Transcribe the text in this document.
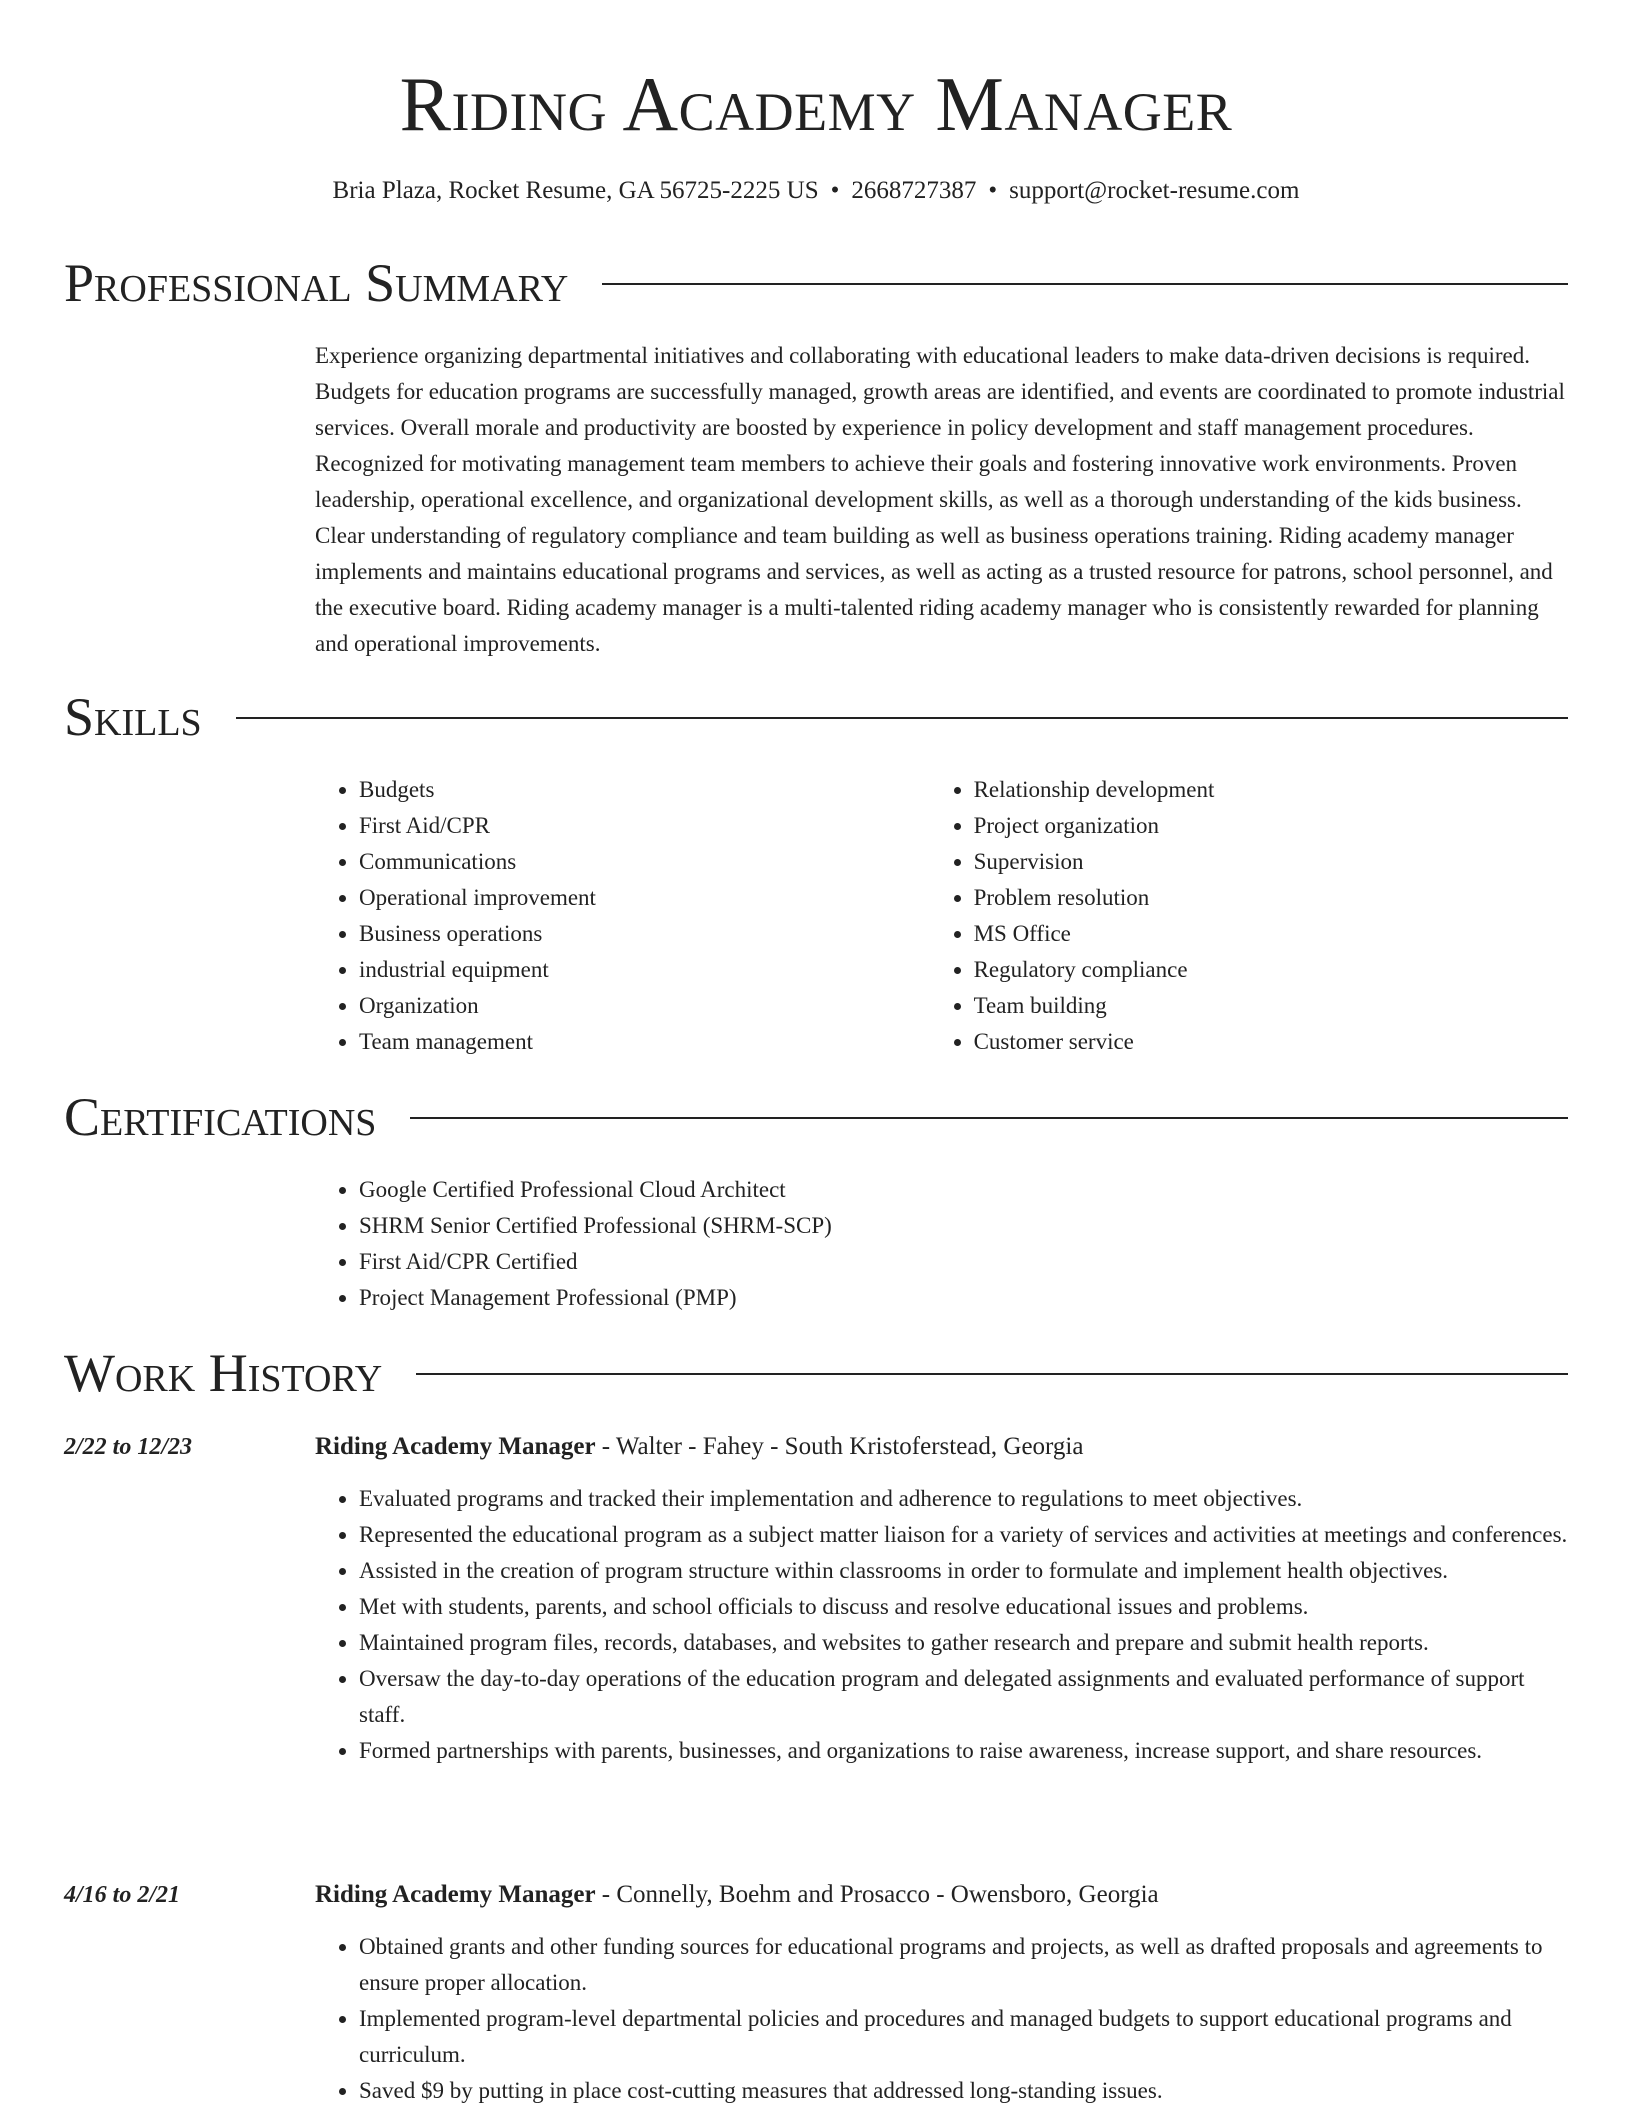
Riding Academy Manager
Bria Plaza, Rocket Resume, GA 56725-2225 US • 2668727387 • support@rocket-resume.com
Professional Summary
Experience organizing departmental initiatives and collaborating with educational leaders to make data-driven decisions is required. Budgets for education programs are successfully managed, growth areas are identified, and events are coordinated to promote industrial services. Overall morale and productivity are boosted by experience in policy development and staff management procedures. Recognized for motivating management team members to achieve their goals and fostering innovative work environments. Proven leadership, operational excellence, and organizational development skills, as well as a thorough understanding of the kids business. Clear understanding of regulatory compliance and team building as well as business operations training. Riding academy manager implements and maintains educational programs and services, as well as acting as a trusted resource for patrons, school personnel, and the executive board. Riding academy manager is a multi-talented riding academy manager who is consistently rewarded for planning and operational improvements.
Skills
• Budgets
• First Aid/CPR
• Communications
• Operational improvement
• Business operations
• industrial equipment
• Organization
• Team management
• Relationship development
• Project organization
• Supervision
• Problem resolution
• MS Office
• Regulatory compliance
• Team building
• Customer service
Certifications
• Google Certified Professional Cloud Architect
• SHRM Senior Certified Professional (SHRM-SCP)
• First Aid/CPR Certified
• Project Management Professional (PMP)
Work History
2/22 to 12/23	Riding Academy Manager - Walter - Fahey - South Kristoferstead, Georgia
• Evaluated programs and tracked their implementation and adherence to regulations to meet objectives.
• Represented the educational program as a subject matter liaison for a variety of services and activities at meetings and conferences.
• Assisted in the creation of program structure within classrooms in order to formulate and implement health objectives.
• Met with students, parents, and school officials to discuss and resolve educational issues and problems.
• Maintained program files, records, databases, and websites to gather research and prepare and submit health reports.
• Oversaw the day-to-day operations of the education program and delegated assignments and evaluated performance of support staff.
• Formed partnerships with parents, businesses, and organizations to raise awareness, increase support, and share resources.
4/16 to 2/21	Riding Academy Manager - Connelly, Boehm and Prosacco - Owensboro, Georgia
• Obtained grants and other funding sources for educational programs and projects, as well as drafted proposals and agreements to ensure proper allocation.
• Implemented program-level departmental policies and procedures and managed budgets to support educational programs and curriculum.
• Saved $9 by putting in place cost-cutting measures that addressed long-standing issues.
